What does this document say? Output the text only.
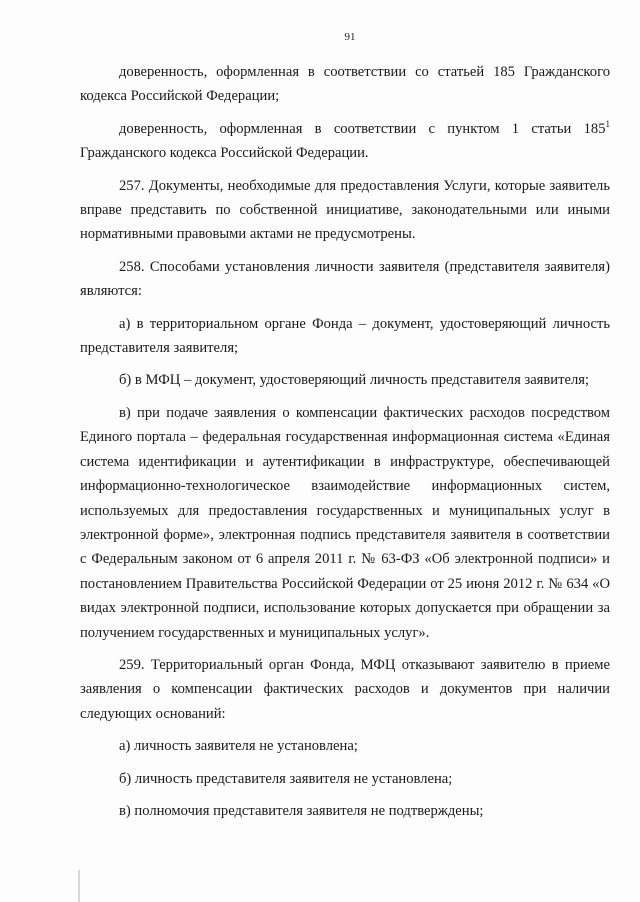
91

доверенность, оформленная в соответствии со статьей 185 Гражданского кодекса Российской Федерации;

доверенность, оформленная в соответствии с пунктом 1 статьи $185^1$ Гражданского кодекса Российской Федерации.

257. Документы, необходимые для предоставления Услуги, которые заявитель вправе представить по собственной инициативе, законодательными или иными нормативными правовыми актами не предусмотрены.

258. Способами установления личности заявителя (представителя заявителя) являются:

а) в территориальном органе Фонда – документ, удостоверяющий личность представителя заявителя;

б) в МФЦ – документ, удостоверяющий личность представителя заявителя;

в) при подаче заявления о компенсации фактических расходов посредством Единого портала – федеральная государственная информационная система «Единая система идентификации и аутентификации в инфраструктуре, обеспечивающей информационно-технологическое взаимодействие информационных систем, используемых для предоставления государственных и муниципальных услуг в электронной форме», электронная подпись представителя заявителя в соответствии с Федеральным законом от 6 апреля 2011 г. № 63-ФЗ «Об электронной подписи» и постановлением Правительства Российской Федерации от 25 июня 2012 г. № 634 «О видах электронной подписи, использование которых допускается при обращении за получением государственных и муниципальных услуг».

259. Территориальный орган Фонда, МФЦ отказывают заявителю в приеме заявления о компенсации фактических расходов и документов при наличии следующих оснований:

а) личность заявителя не установлена;

б) личность представителя заявителя не установлена;

в) полномочия представителя заявителя не подтверждены;
